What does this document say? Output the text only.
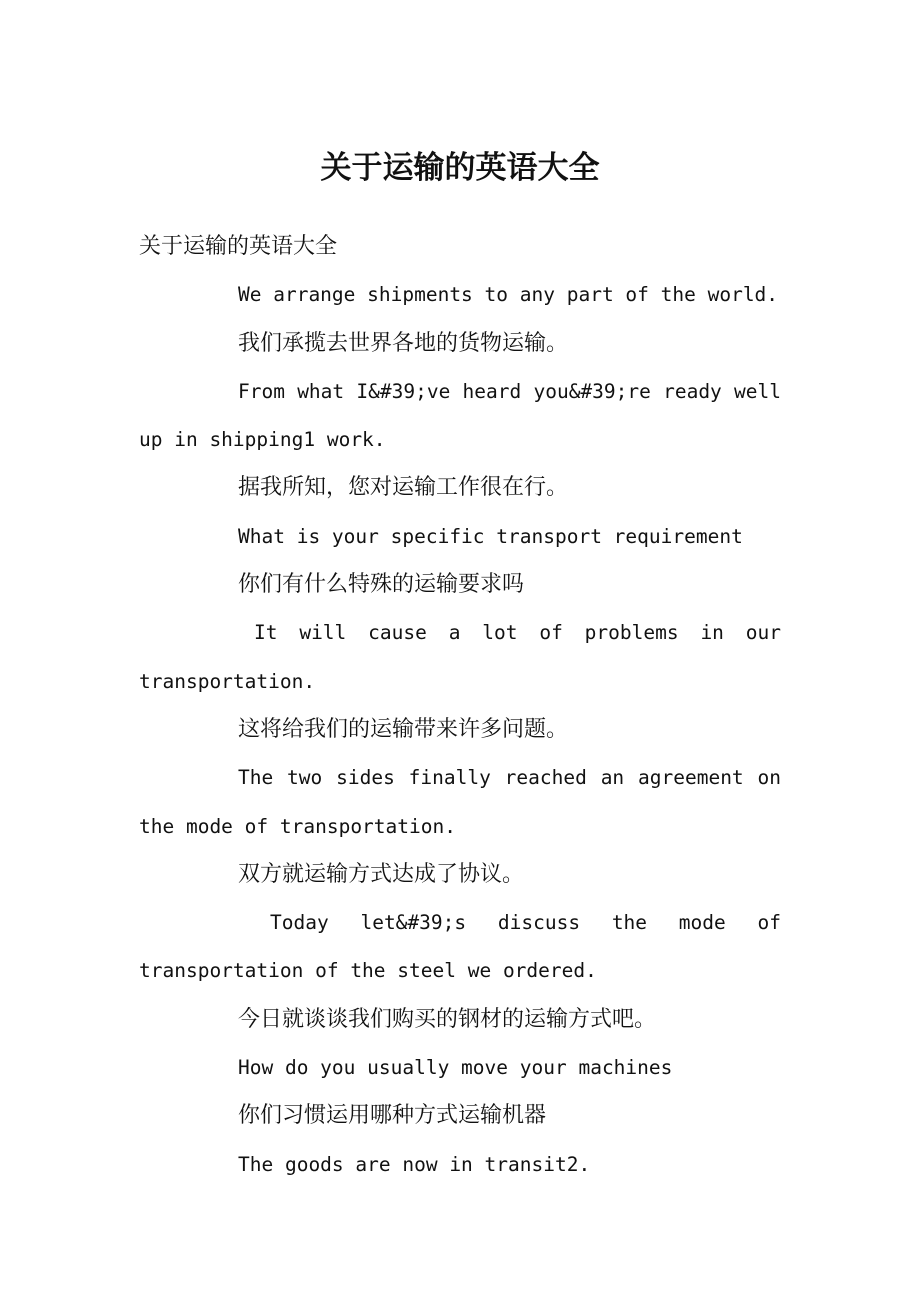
关于运输的英语大全

关于运输的英语大全

We arrange shipments to any part of the world.

我们承揽去世界各地的货物运输。

From what I&#39;ve heard you&#39;re ready well

up in shipping1 work.

据我所知，您对运输工作很在行。

What is your specific transport requirement

你们有什么特殊的运输要求吗

It will cause a lot of problems in our

transportation.

这将给我们的运输带来许多问题。

The two sides finally reached an agreement on

the mode of transportation.

双方就运输方式达成了协议。

Today let&#39;s discuss the mode of

transportation of the steel we ordered.

今日就谈谈我们购买的钢材的运输方式吧。

How do you usually move your machines

你们习惯运用哪种方式运输机器

The goods are now in transit2.
